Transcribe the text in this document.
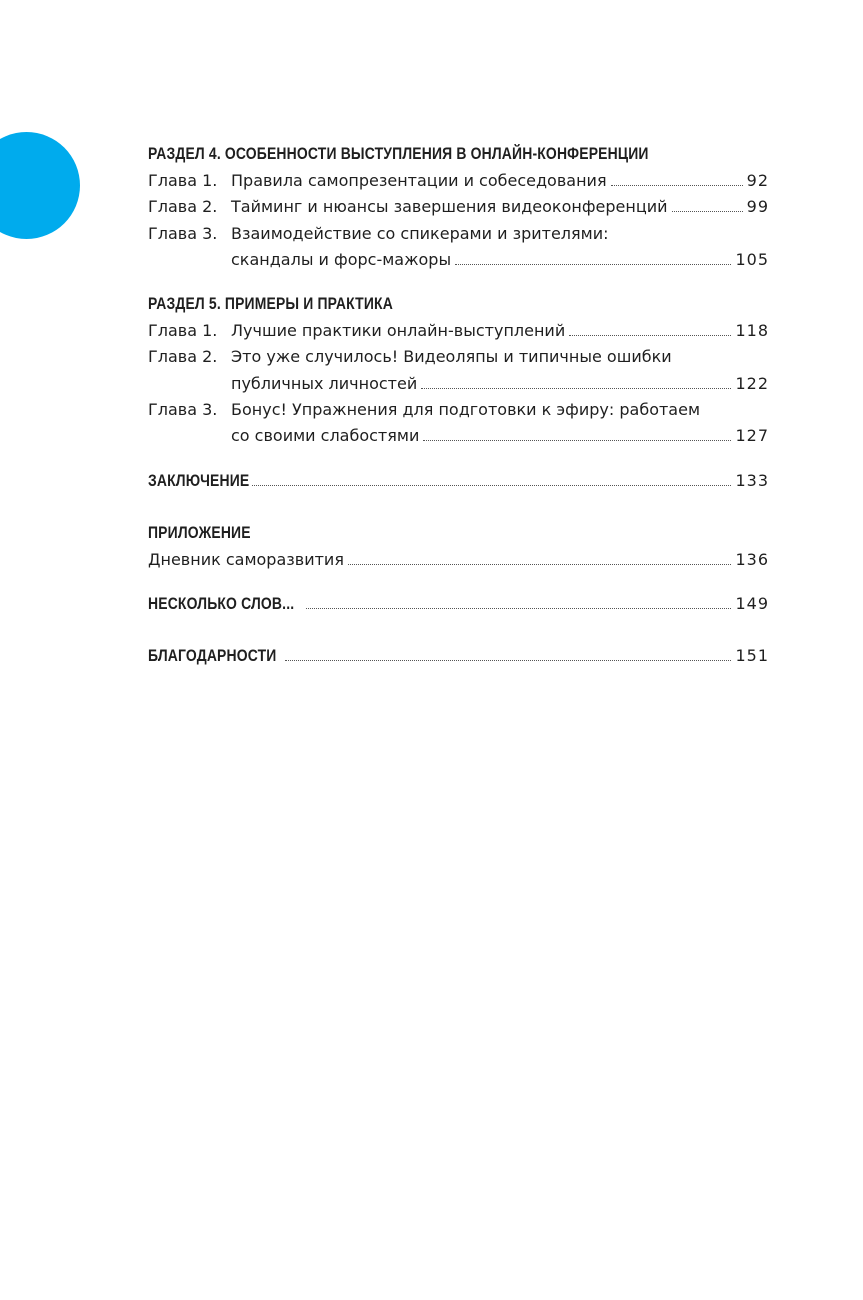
РАЗДЕЛ 4. ОСОБЕННОСТИ ВЫСТУПЛЕНИЯ В ОНЛАЙН-КОНФЕРЕНЦИИ
Глава 1. Правила самопрезентации и собеседования	92
Глава 2. Тайминг и нюансы завершения видеоконференций	99
Глава 3. Взаимодействие со спикерами и зрителями:
скандалы и форс-мажоры	105
РАЗДЕЛ 5. ПРИМЕРЫ И ПРАКТИКА
Глава 1. Лучшие практики онлайн-выступлений	118
Глава 2. Это уже случилось! Видеоляпы и типичные ошибки
публичных личностей	122
Глава 3. Бонус! Упражнения для подготовки к эфиру: работаем
со своими слабостями	127
ЗАКЛЮЧЕНИЕ	133
ПРИЛОЖЕНИЕ
Дневник саморазвития	136
НЕСКОЛЬКО СЛОВ...	149
БЛАГОДАРНОСТИ	151
